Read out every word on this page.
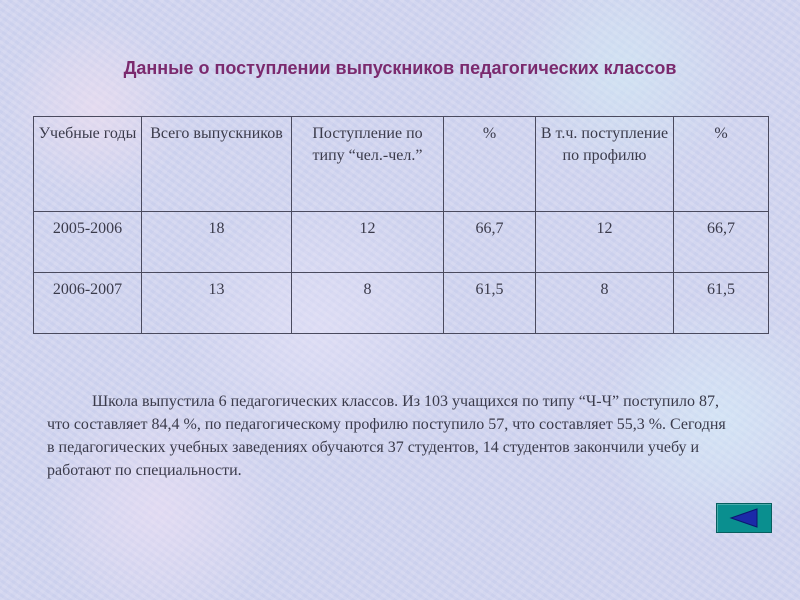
Данные о поступлении выпускников педагогических классов
Учебные годы	Всего выпускников	Поступление по типу “чел.-чел.”	%	В т.ч. поступление по профилю	%
2005-2006	18	12	66,7	12	66,7
2006-2007	13	8	61,5	8	61,5

Школа выпустила 6 педагогических классов. Из 103 учащихся по типу “Ч-Ч” поступило 87, что составляет 84,4 %, по педагогическому профилю поступило 57, что составляет 55,3 %. Сегодня в педагогических учебных заведениях обучаются 37 студентов, 14 студентов закончили учебу и работают по специальности.
